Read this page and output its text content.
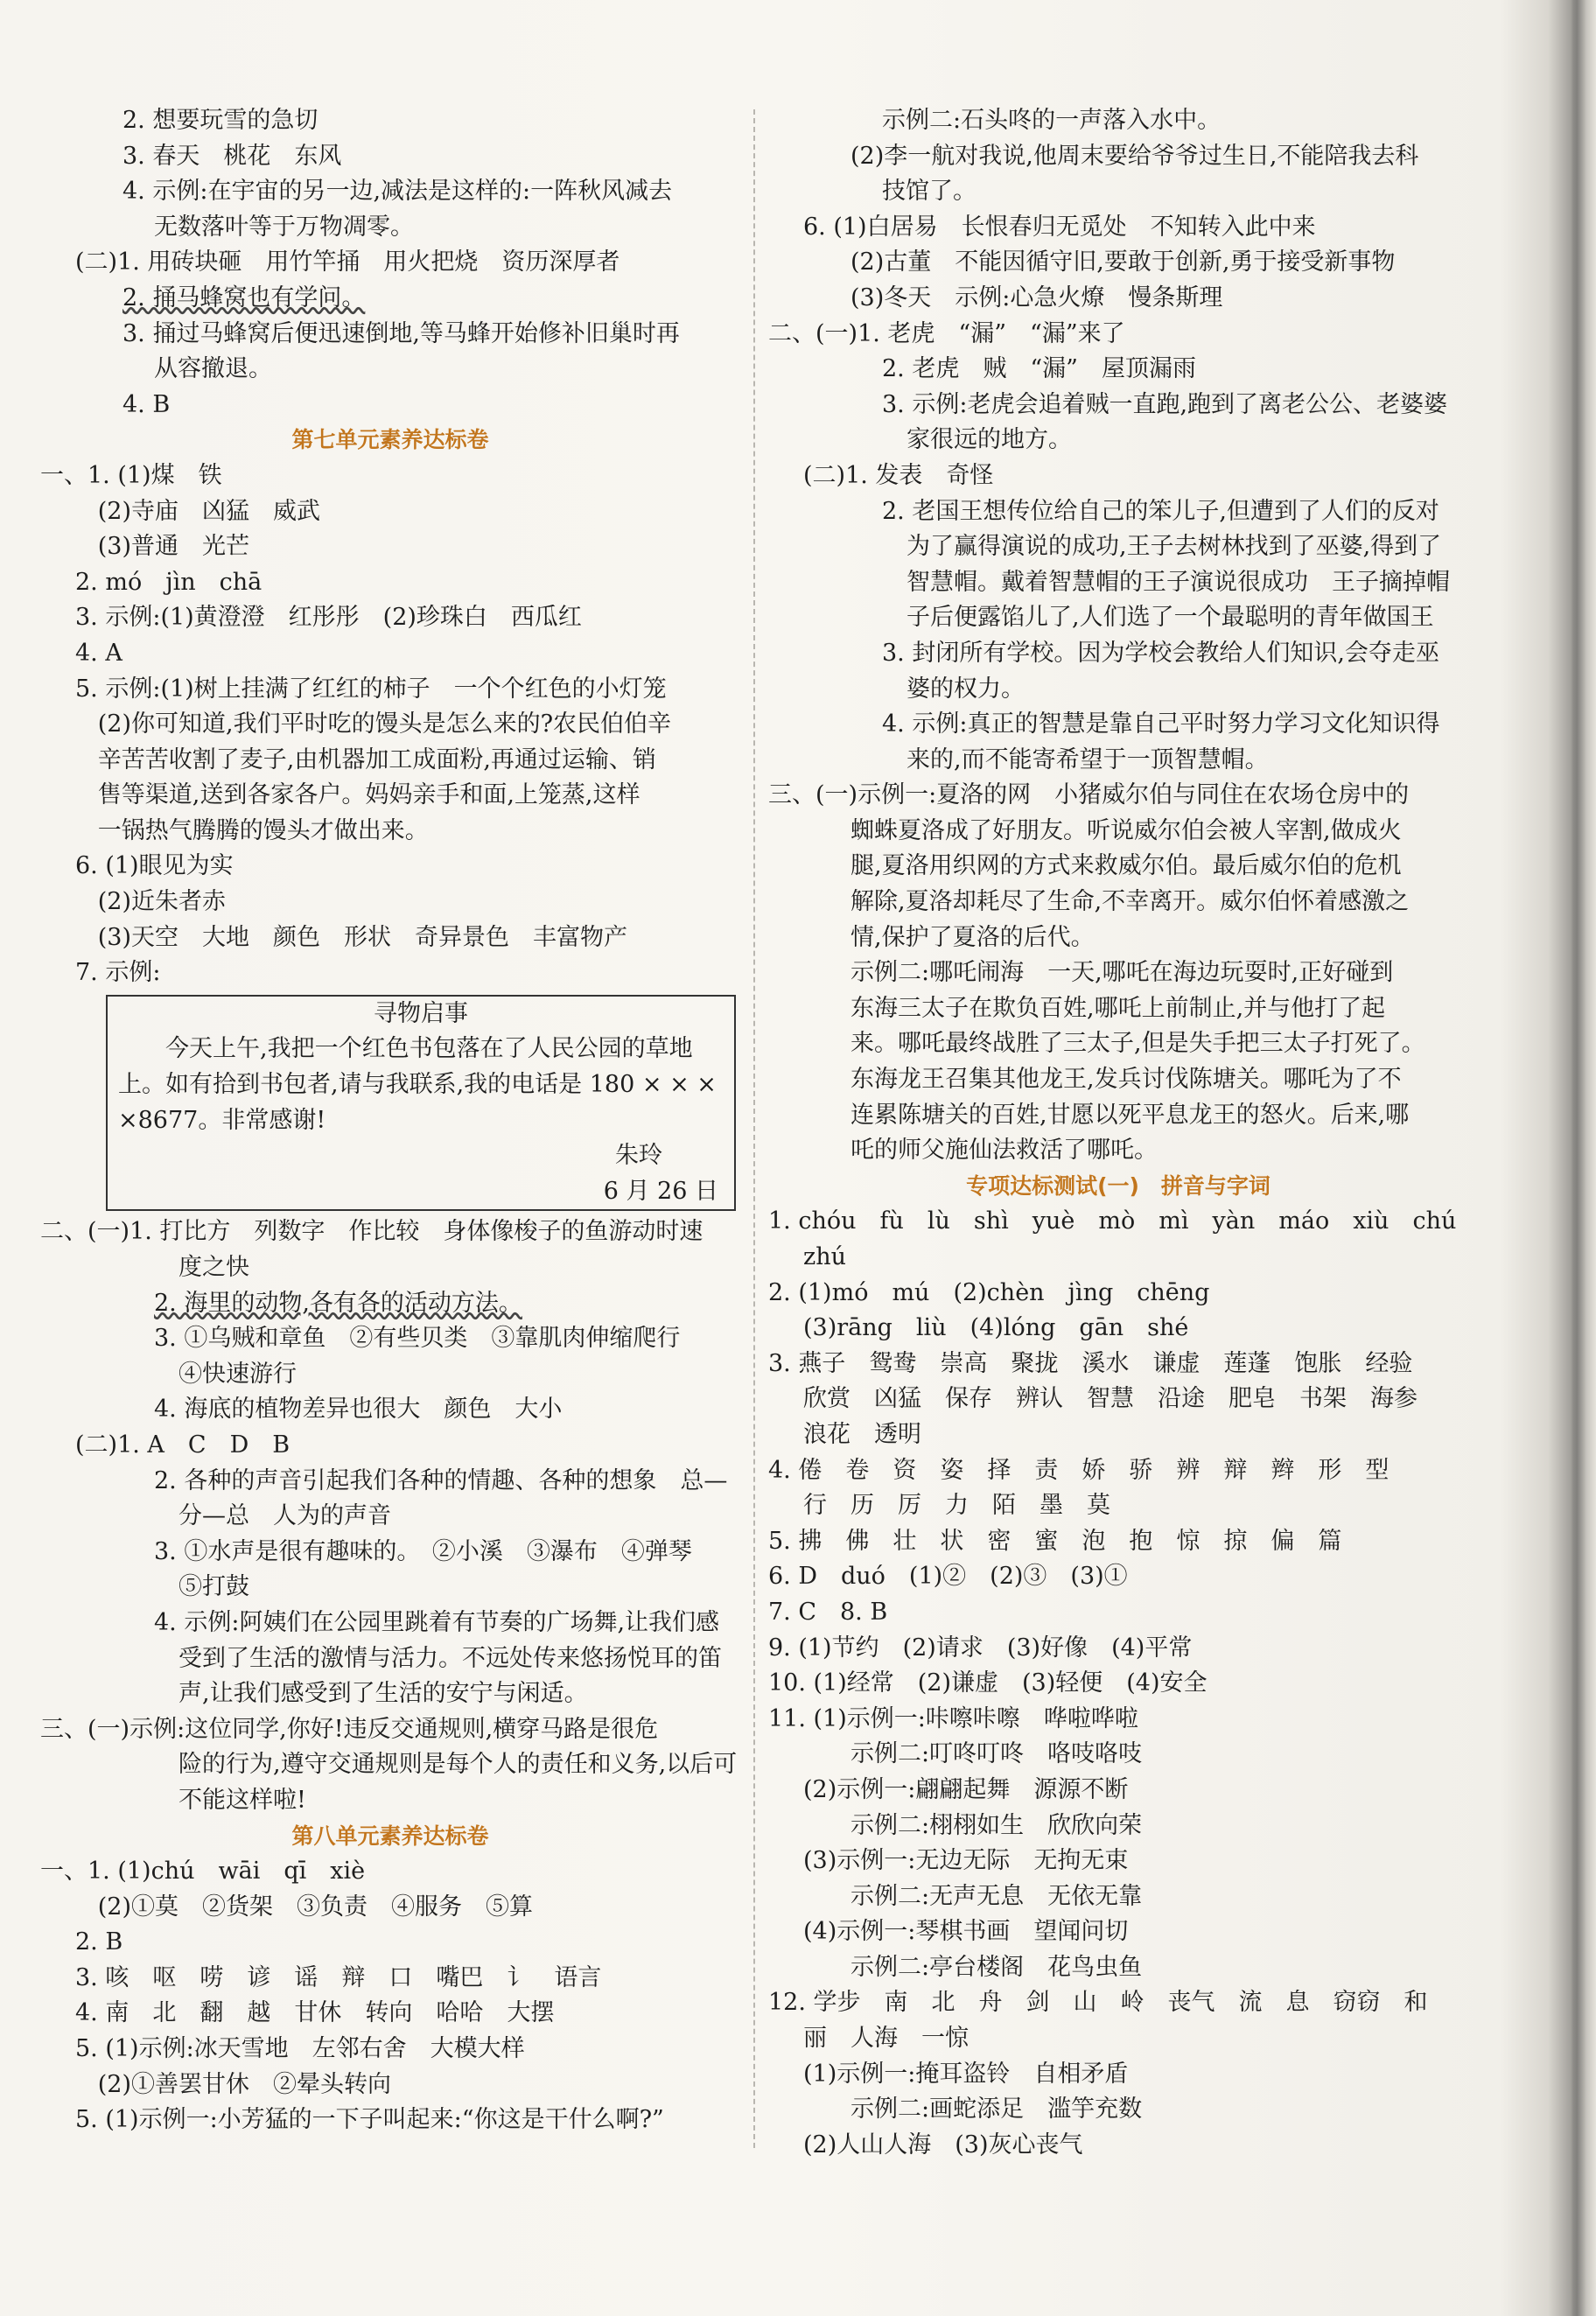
2. 想要玩雪的急切
3. 春天　桃花　东风
4. 示例:在宇宙的另一边,减法是这样的:一阵秋风减去
无数落叶等于万物凋零。
(二)1. 用砖块砸　用竹竿捅　用火把烧　资历深厚者
2. 捅马蜂窝也有学问。
3. 捅过马蜂窝后便迅速倒地,等马蜂开始修补旧巢时再
从容撤退。
4. B
第七单元素养达标卷
一、1. (1)煤　铁
(2)寺庙　凶猛　威武
(3)普通　光芒
2. mó　jìn　chā
3. 示例:(1)黄澄澄　红彤彤　(2)珍珠白　西瓜红
4. A
5. 示例:(1)树上挂满了红红的柿子　一个个红色的小灯笼
(2)你可知道,我们平时吃的馒头是怎么来的?农民伯伯辛
辛苦苦收割了麦子,由机器加工成面粉,再通过运输、销
售等渠道,送到各家各户。妈妈亲手和面,上笼蒸,这样
一锅热气腾腾的馒头才做出来。
6. (1)眼见为实
(2)近朱者赤
(3)天空　大地　颜色　形状　奇异景色　丰富物产
7. 示例:
寻物启事
　　今天上午,我把一个红色书包落在了人民公园的草地
上。如有拾到书包者,请与我联系,我的电话是 180 × × ×
×8677。非常感谢!
朱玲
6 月 26 日
二、(一)1. 打比方　列数字　作比较　身体像梭子的鱼游动时速
度之快
2. 海里的动物,各有各的活动方法。
3. ①乌贼和章鱼　②有些贝类　③靠肌肉伸缩爬行
④快速游行
4. 海底的植物差异也很大　颜色　大小
(二)1. A　C　D　B
2. 各种的声音引起我们各种的情趣、各种的想象　总—
分—总　人为的声音
3. ①水声是很有趣味的。　②小溪　③瀑布　④弹琴
⑤打鼓
4. 示例:阿姨们在公园里跳着有节奏的广场舞,让我们感
受到了生活的激情与活力。不远处传来悠扬悦耳的笛
声,让我们感受到了生活的安宁与闲适。
三、(一)示例:这位同学,你好!违反交通规则,横穿马路是很危
险的行为,遵守交通规则是每个人的责任和义务,以后可
不能这样啦!
第八单元素养达标卷
一、1. (1)chú　wāi　qī　xiè
(2)①莫　②货架　③负责　④服务　⑤算
2. B
3. 咳　呕　唠　谚　谣　辩　口　嘴巴　讠　语言
4. 南　北　翻　越　甘休　转向　哈哈　大摆
5. (1)示例:冰天雪地　左邻右舍　大模大样
(2)①善罢甘休　②晕头转向
5. (1)示例一:小芳猛的一下子叫起来:“你这是干什么啊?”
示例二:石头咚的一声落入水中。
(2)李一航对我说,他周末要给爷爷过生日,不能陪我去科
技馆了。
6. (1)白居易　长恨春归无觅处　不知转入此中来
(2)古董　不能因循守旧,要敢于创新,勇于接受新事物
(3)冬天　示例:心急火燎　慢条斯理
二、(一)1. 老虎　“漏”　“漏”来了
2. 老虎　贼　“漏”　屋顶漏雨
3. 示例:老虎会追着贼一直跑,跑到了离老公公、老婆婆
家很远的地方。
(二)1. 发表　奇怪
2. 老国王想传位给自己的笨儿子,但遭到了人们的反对
为了赢得演说的成功,王子去树林找到了巫婆,得到了
智慧帽。戴着智慧帽的王子演说很成功　王子摘掉帽
子后便露馅儿了,人们选了一个最聪明的青年做国王
3. 封闭所有学校。因为学校会教给人们知识,会夺走巫
婆的权力。
4. 示例:真正的智慧是靠自己平时努力学习文化知识得
来的,而不能寄希望于一顶智慧帽。
三、(一)示例一:夏洛的网　小猪威尔伯与同住在农场仓房中的
蜘蛛夏洛成了好朋友。听说威尔伯会被人宰割,做成火
腿,夏洛用织网的方式来救威尔伯。最后威尔伯的危机
解除,夏洛却耗尽了生命,不幸离开。威尔伯怀着感激之
情,保护了夏洛的后代。
示例二:哪吒闹海　一天,哪吒在海边玩耍时,正好碰到
东海三太子在欺负百姓,哪吒上前制止,并与他打了起
来。哪吒最终战胜了三太子,但是失手把三太子打死了。
东海龙王召集其他龙王,发兵讨伐陈塘关。哪吒为了不
连累陈塘关的百姓,甘愿以死平息龙王的怒火。后来,哪
吒的师父施仙法救活了哪吒。
专项达标测试(一)　拼音与字词
1. chóu　fù　lù　shì　yuè　mò　mì　yàn　máo　xiù　chú
zhú
2. (1)mó　mú　(2)chèn　jìng　chēng
(3)rāng　liù　(4)lóng　gān　shé
3. 燕子　鸳鸯　崇高　聚拢　溪水　谦虚　莲蓬　饱胀　经验
欣赏　凶猛　保存　辨认　智慧　沿途　肥皂　书架　海参
浪花　透明
4. 倦　卷　资　姿　择　责　娇　骄　辨　辩　辫　形　型
行　历　厉　力　陌　墨　莫
5. 拂　佛　壮　状　密　蜜　泡　抱　惊　掠　偏　篇
6. D　duó　(1)②　(2)③　(3)①
7. C　8. B
9. (1)节约　(2)请求　(3)好像　(4)平常
10. (1)经常　(2)谦虚　(3)轻便　(4)安全
11. (1)示例一:咔嚓咔嚓　哗啦哗啦
示例二:叮咚叮咚　咯吱咯吱
(2)示例一:翩翩起舞　源源不断
示例二:栩栩如生　欣欣向荣
(3)示例一:无边无际　无拘无束
示例二:无声无息　无依无靠
(4)示例一:琴棋书画　望闻问切
示例二:亭台楼阁　花鸟虫鱼
12. 学步　南　北　舟　剑　山　岭　丧气　流　息　窃窃　和
丽　人海　一惊
(1)示例一:掩耳盗铃　自相矛盾
示例二:画蛇添足　滥竽充数
(2)人山人海　(3)灰心丧气
